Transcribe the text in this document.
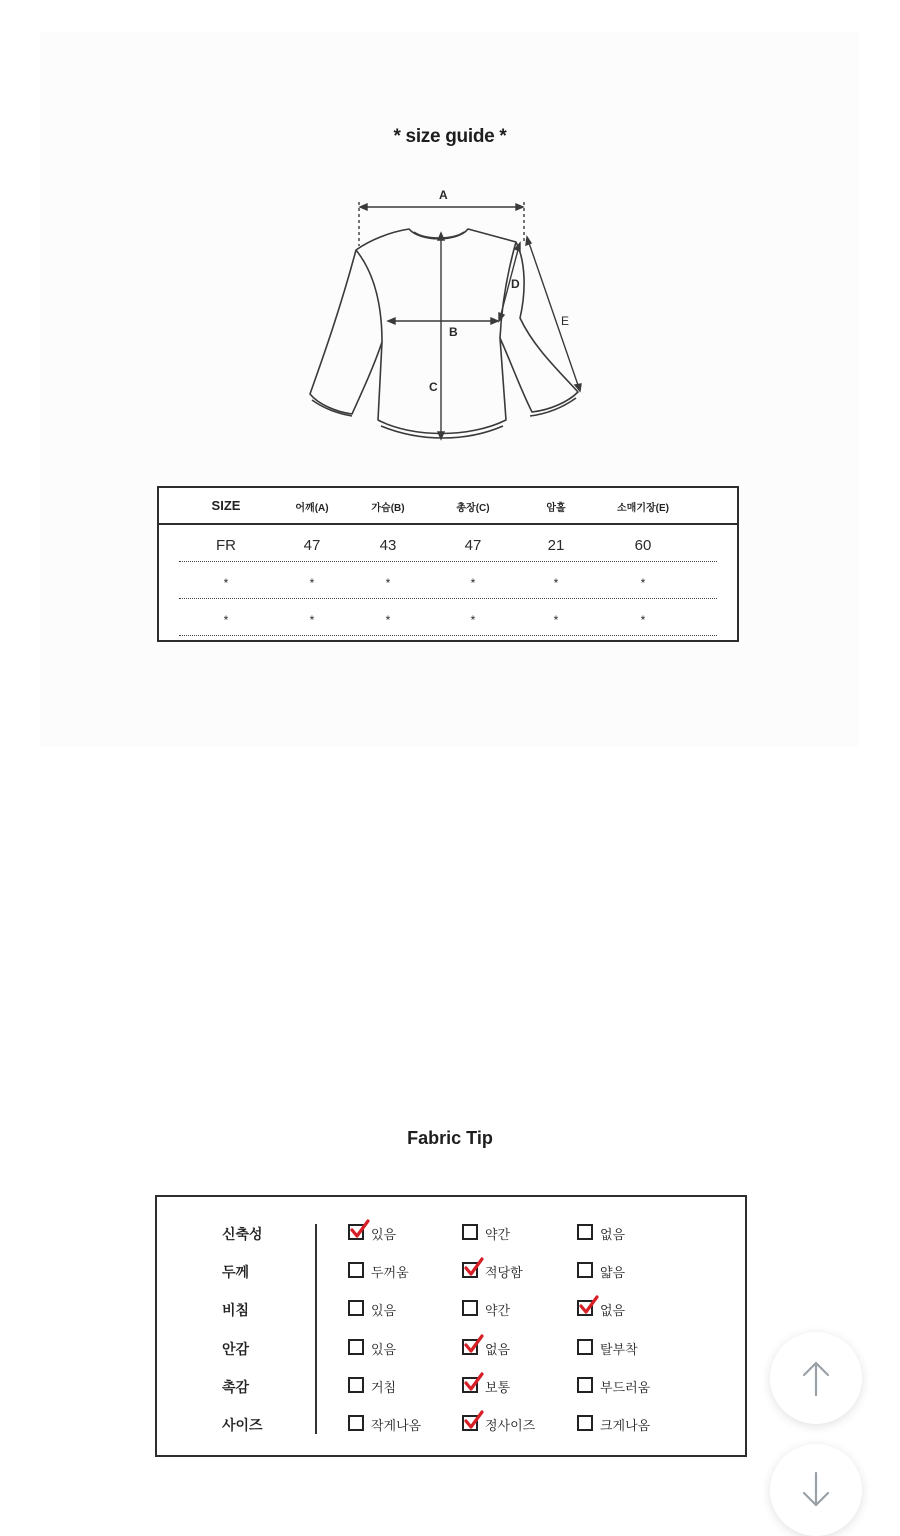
* size guide *
A
B
C
D
E
SIZE	어깨(A)	가슴(B)	총장(C)	암홀	소매기장(E)
FR	47	43	47	21	60
*	*	*	*	*	*
*	*	*	*	*	*
Fabric Tip
신축성	있음	약간	없음
두께	두꺼움	적당함	얇음
비침	있음	약간	없음
안감	있음	없음	탈부착
촉감	거침	보통	부드러움
사이즈	작게나옴	정사이즈	크게나옴
